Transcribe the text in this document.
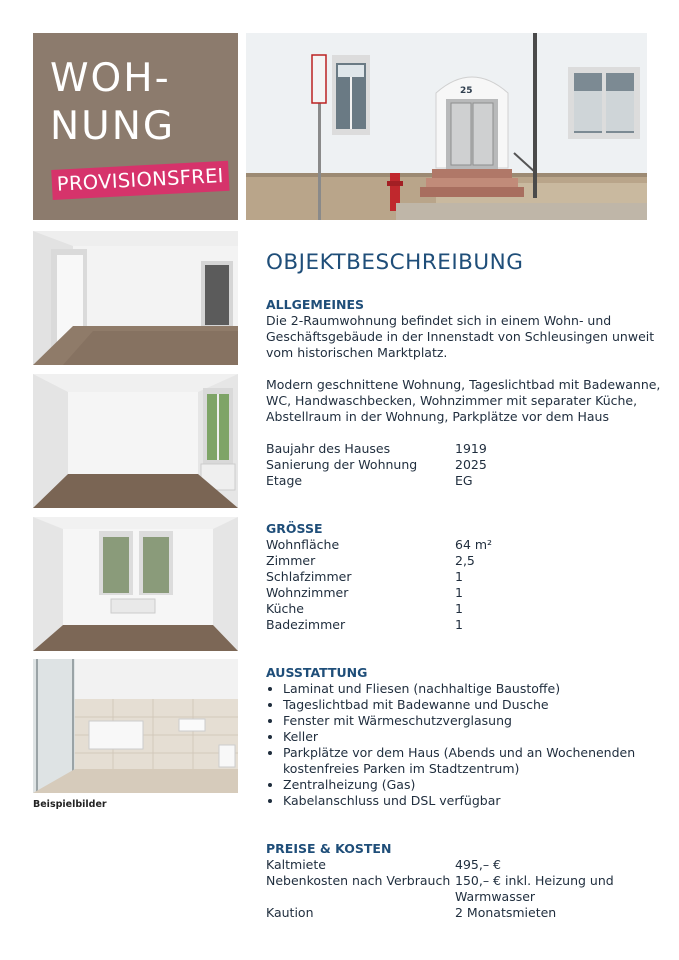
WOH-
NUNG
PROVISIONSFREI
25
Beispielbilder
OBJEKTBESCHREIBUNG
ALLGEMEINES

Die 2-Raumwohnung befindet sich in einem Wohn- und Geschäftsgebäude in der Innenstadt von Schleusingen unweit vom historischen Marktplatz.

Modern geschnittene Wohnung, Tageslichtbad mit Badewanne, WC, Handwaschbecken, Wohnzimmer mit separater Küche, Abstellraum in der Wohnung, Parkplätze vor dem Haus

Baujahr des Hauses	1919
Sanierung der Wohnung	2025
Etage	EG
GRÖSSE
Wohnfläche	64 m²
Zimmer	2,5
Schlafzimmer	1
Wohnzimmer	1
Küche	1
Badezimmer	1
AUSSTATTUNG
• Laminat und Fliesen (nachhaltige Baustoffe)
• Tageslichtbad mit Badewanne und Dusche
• Fenster mit Wärmeschutzverglasung
• Keller
• Parkplätze vor dem Haus (Abends und an Wochenenden kostenfreies Parken im Stadtzentrum)
• Zentralheizung (Gas)
• Kabelanschluss und DSL verfügbar
PREISE & KOSTEN
Kaltmiete	495,– €
Nebenkosten nach Verbrauch 150,– € inkl. Heizung und Warmwasser
Kaution	2 Monatsmieten
